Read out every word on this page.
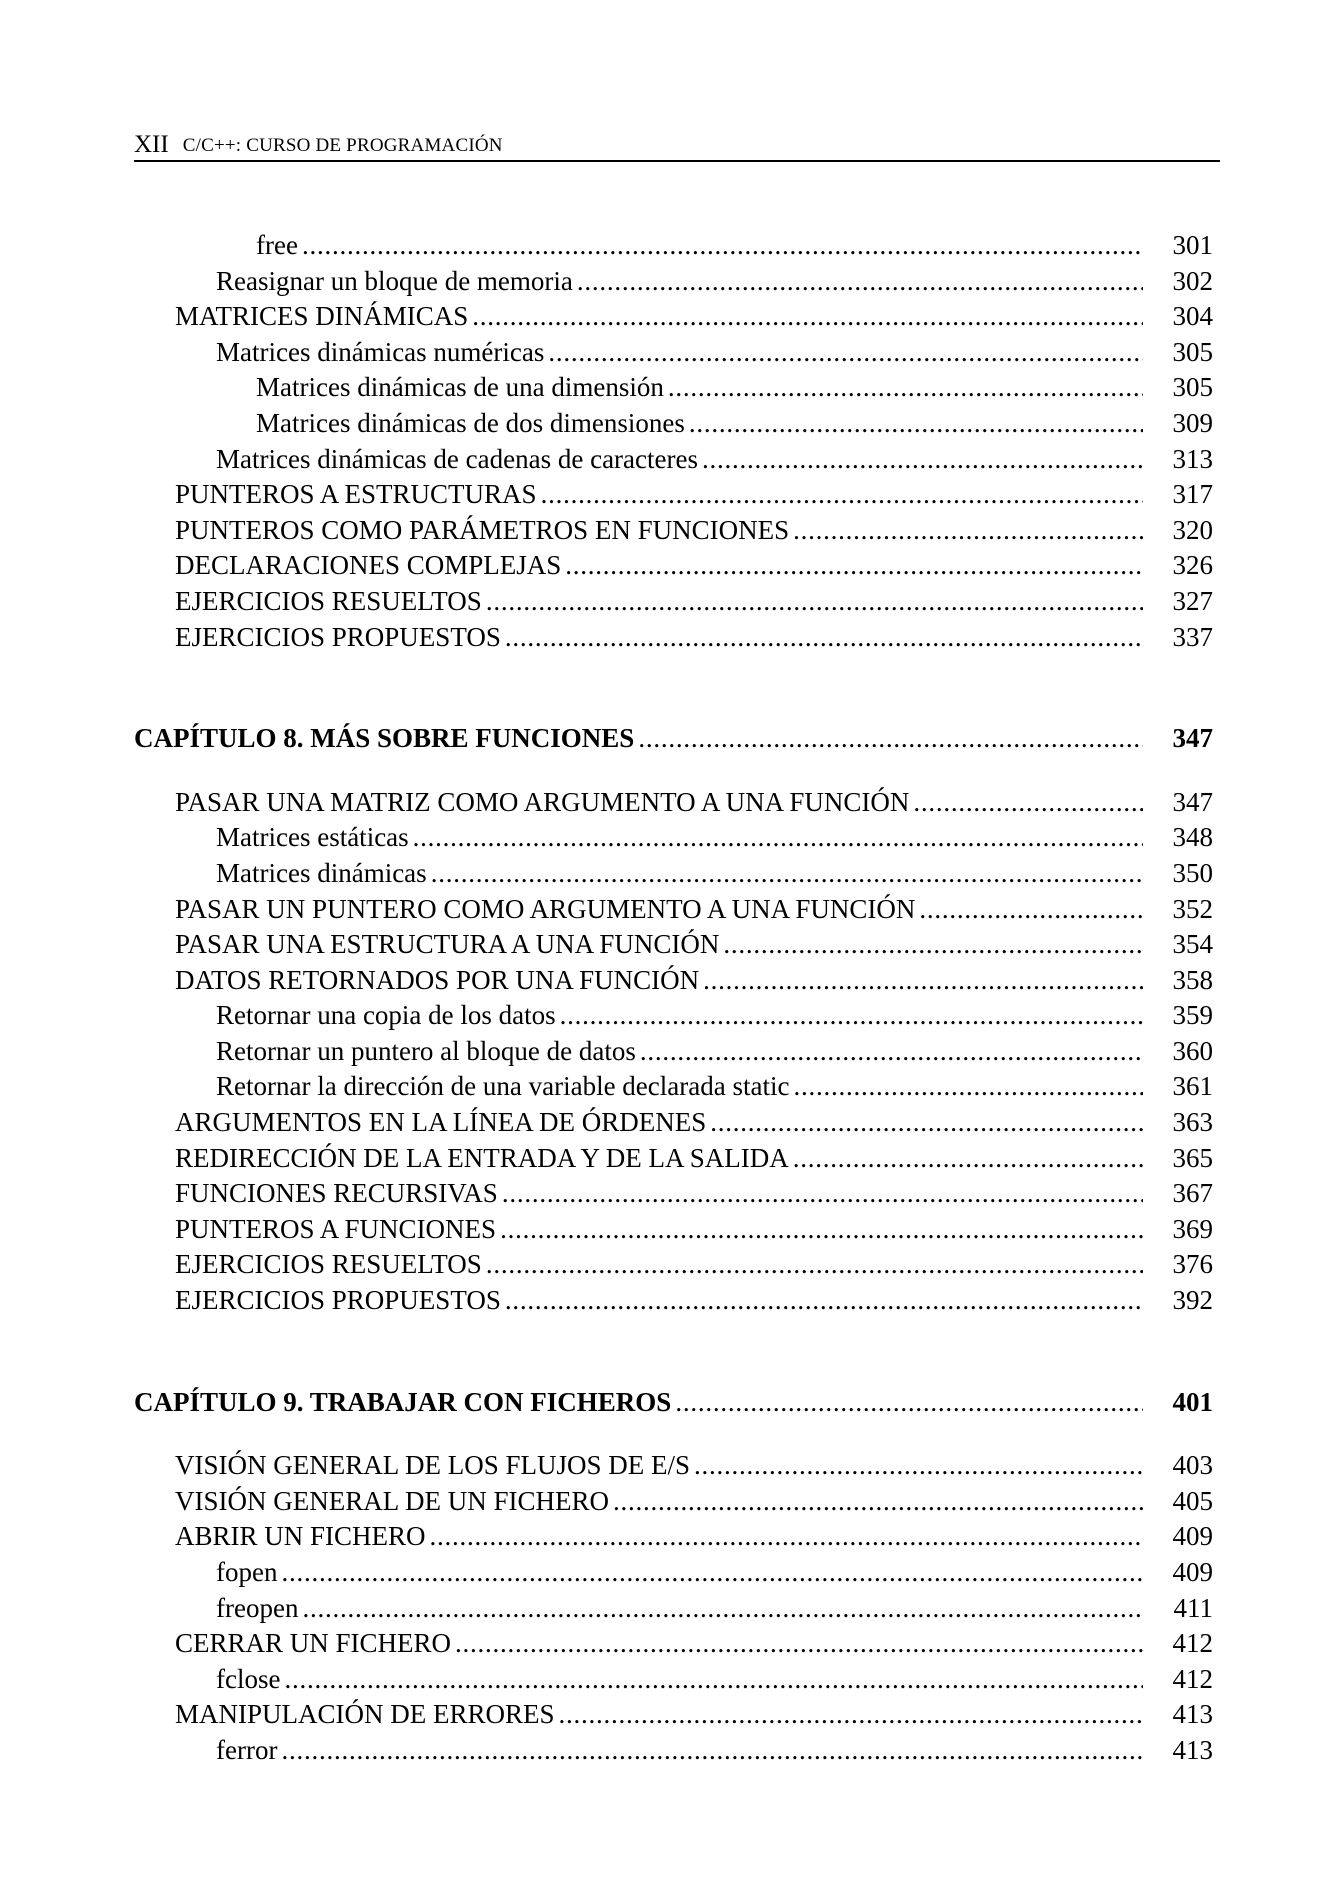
XII C/C++: CURSO DE PROGRAMACIÓN
free . . .	301
Reasignar un bloque de memoria . . .	302
MATRICES DINÁMICAS . . .	304
Matrices dinámicas numéricas . . .	305
Matrices dinámicas de una dimensión . . .	305
Matrices dinámicas de dos dimensiones . . .	309
Matrices dinámicas de cadenas de caracteres . . .	313
PUNTEROS A ESTRUCTURAS . . .	317
PUNTEROS COMO PARÁMETROS EN FUNCIONES . . .	320
DECLARACIONES COMPLEJAS . . .	326
EJERCICIOS RESUELTOS . . .	327
EJERCICIOS PROPUESTOS . . .	337
CAPÍTULO 8. MÁS SOBRE FUNCIONES . . .	347
PASAR UNA MATRIZ COMO ARGUMENTO A UNA FUNCIÓN . . .	347
Matrices estáticas . . .	348
Matrices dinámicas . . .	350
PASAR UN PUNTERO COMO ARGUMENTO A UNA FUNCIÓN . . .	352
PASAR UNA ESTRUCTURA A UNA FUNCIÓN . . .	354
DATOS RETORNADOS POR UNA FUNCIÓN . . .	358
Retornar una copia de los datos . . .	359
Retornar un puntero al bloque de datos . . .	360
Retornar la dirección de una variable declarada static . . .	361
ARGUMENTOS EN LA LÍNEA DE ÓRDENES . . .	363
REDIRECCIÓN DE LA ENTRADA Y DE LA SALIDA . . .	365
FUNCIONES RECURSIVAS . . .	367
PUNTEROS A FUNCIONES . . .	369
EJERCICIOS RESUELTOS . . .	376
EJERCICIOS PROPUESTOS . . .	392
CAPÍTULO 9. TRABAJAR CON FICHEROS . . .	401
VISIÓN GENERAL DE LOS FLUJOS DE E/S . . .	403
VISIÓN GENERAL DE UN FICHERO . . .	405
ABRIR UN FICHERO . . .	409
fopen . . .	409
freopen . . .	411
CERRAR UN FICHERO . . .	412
fclose . . .	412
MANIPULACIÓN DE ERRORES . . .	413
ferror . . .	413
